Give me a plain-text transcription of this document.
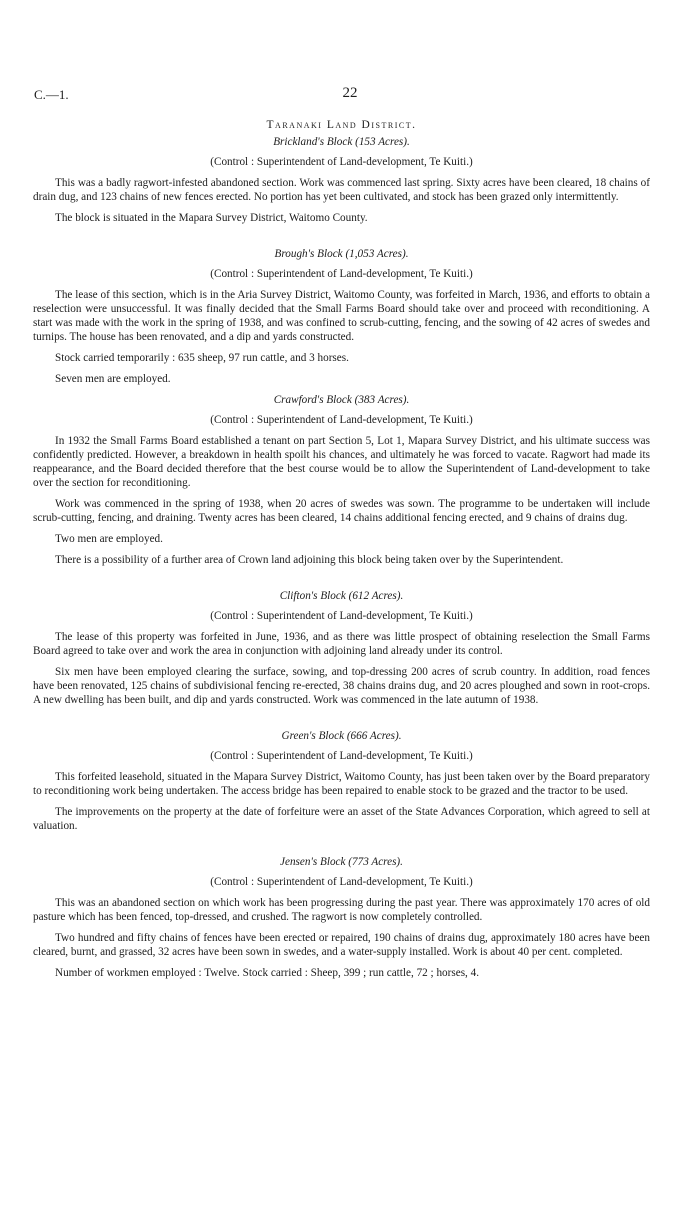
C.—1.	22
Taranaki Land District.
Brickland's Block (153 Acres).
(Control : Superintendent of Land-development, Te Kuiti.)

This was a badly ragwort-infested abandoned section. Work was commenced last spring. Sixty acres have been cleared, 18 chains of drain dug, and 123 chains of new fences erected. No portion has yet been cultivated, and stock has been grazed only intermittently.

The block is situated in the Mapara Survey District, Waitomo County.

Brough's Block (1,053 Acres).
(Control : Superintendent of Land-development, Te Kuiti.)

The lease of this section, which is in the Aria Survey District, Waitomo County, was forfeited in March, 1936, and efforts to obtain a reselection were unsuccessful. It was finally decided that the Small Farms Board should take over and proceed with reconditioning. A start was made with the work in the spring of 1938, and was confined to scrub-cutting, fencing, and the sowing of 42 acres of swedes and turnips. The house has been renovated, and a dip and yards constructed.

Stock carried temporarily : 635 sheep, 97 run cattle, and 3 horses.

Seven men are employed.

Crawford's Block (383 Acres).
(Control : Superintendent of Land-development, Te Kuiti.)

In 1932 the Small Farms Board established a tenant on part Section 5, Lot 1, Mapara Survey District, and his ultimate success was confidently predicted. However, a breakdown in health spoilt his chances, and ultimately he was forced to vacate. Ragwort had made its reappearance, and the Board decided therefore that the best course would be to allow the Superintendent of Land-development to take over the section for reconditioning.

Work was commenced in the spring of 1938, when 20 acres of swedes was sown. The programme to be undertaken will include scrub-cutting, fencing, and draining. Twenty acres has been cleared, 14 chains additional fencing erected, and 9 chains of drains dug.

Two men are employed.

There is a possibility of a further area of Crown land adjoining this block being taken over by the Superintendent.

Clifton's Block (612 Acres).
(Control : Superintendent of Land-development, Te Kuiti.)

The lease of this property was forfeited in June, 1936, and as there was little prospect of obtaining reselection the Small Farms Board agreed to take over and work the area in conjunction with adjoining land already under its control.

Six men have been employed clearing the surface, sowing, and top-dressing 200 acres of scrub country. In addition, road fences have been renovated, 125 chains of subdivisional fencing re-erected, 38 chains drains dug, and 20 acres ploughed and sown in root-crops. A new dwelling has been built, and dip and yards constructed. Work was commenced in the late autumn of 1938.

Green's Block (666 Acres).
(Control : Superintendent of Land-development, Te Kuiti.)

This forfeited leasehold, situated in the Mapara Survey District, Waitomo County, has just been taken over by the Board preparatory to reconditioning work being undertaken. The access bridge has been repaired to enable stock to be grazed and the tractor to be used.

The improvements on the property at the date of forfeiture were an asset of the State Advances Corporation, which agreed to sell at valuation.

Jensen's Block (773 Acres).
(Control : Superintendent of Land-development, Te Kuiti.)

This was an abandoned section on which work has been progressing during the past year. There was approximately 170 acres of old pasture which has been fenced, top-dressed, and crushed. The ragwort is now completely controlled.

Two hundred and fifty chains of fences have been erected or repaired, 190 chains of drains dug, approximately 180 acres have been cleared, burnt, and grassed, 32 acres have been sown in swedes, and a water-supply installed. Work is about 40 per cent. completed.

Number of workmen employed : Twelve. Stock carried : Sheep, 399 ; run cattle, 72 ; horses, 4.
